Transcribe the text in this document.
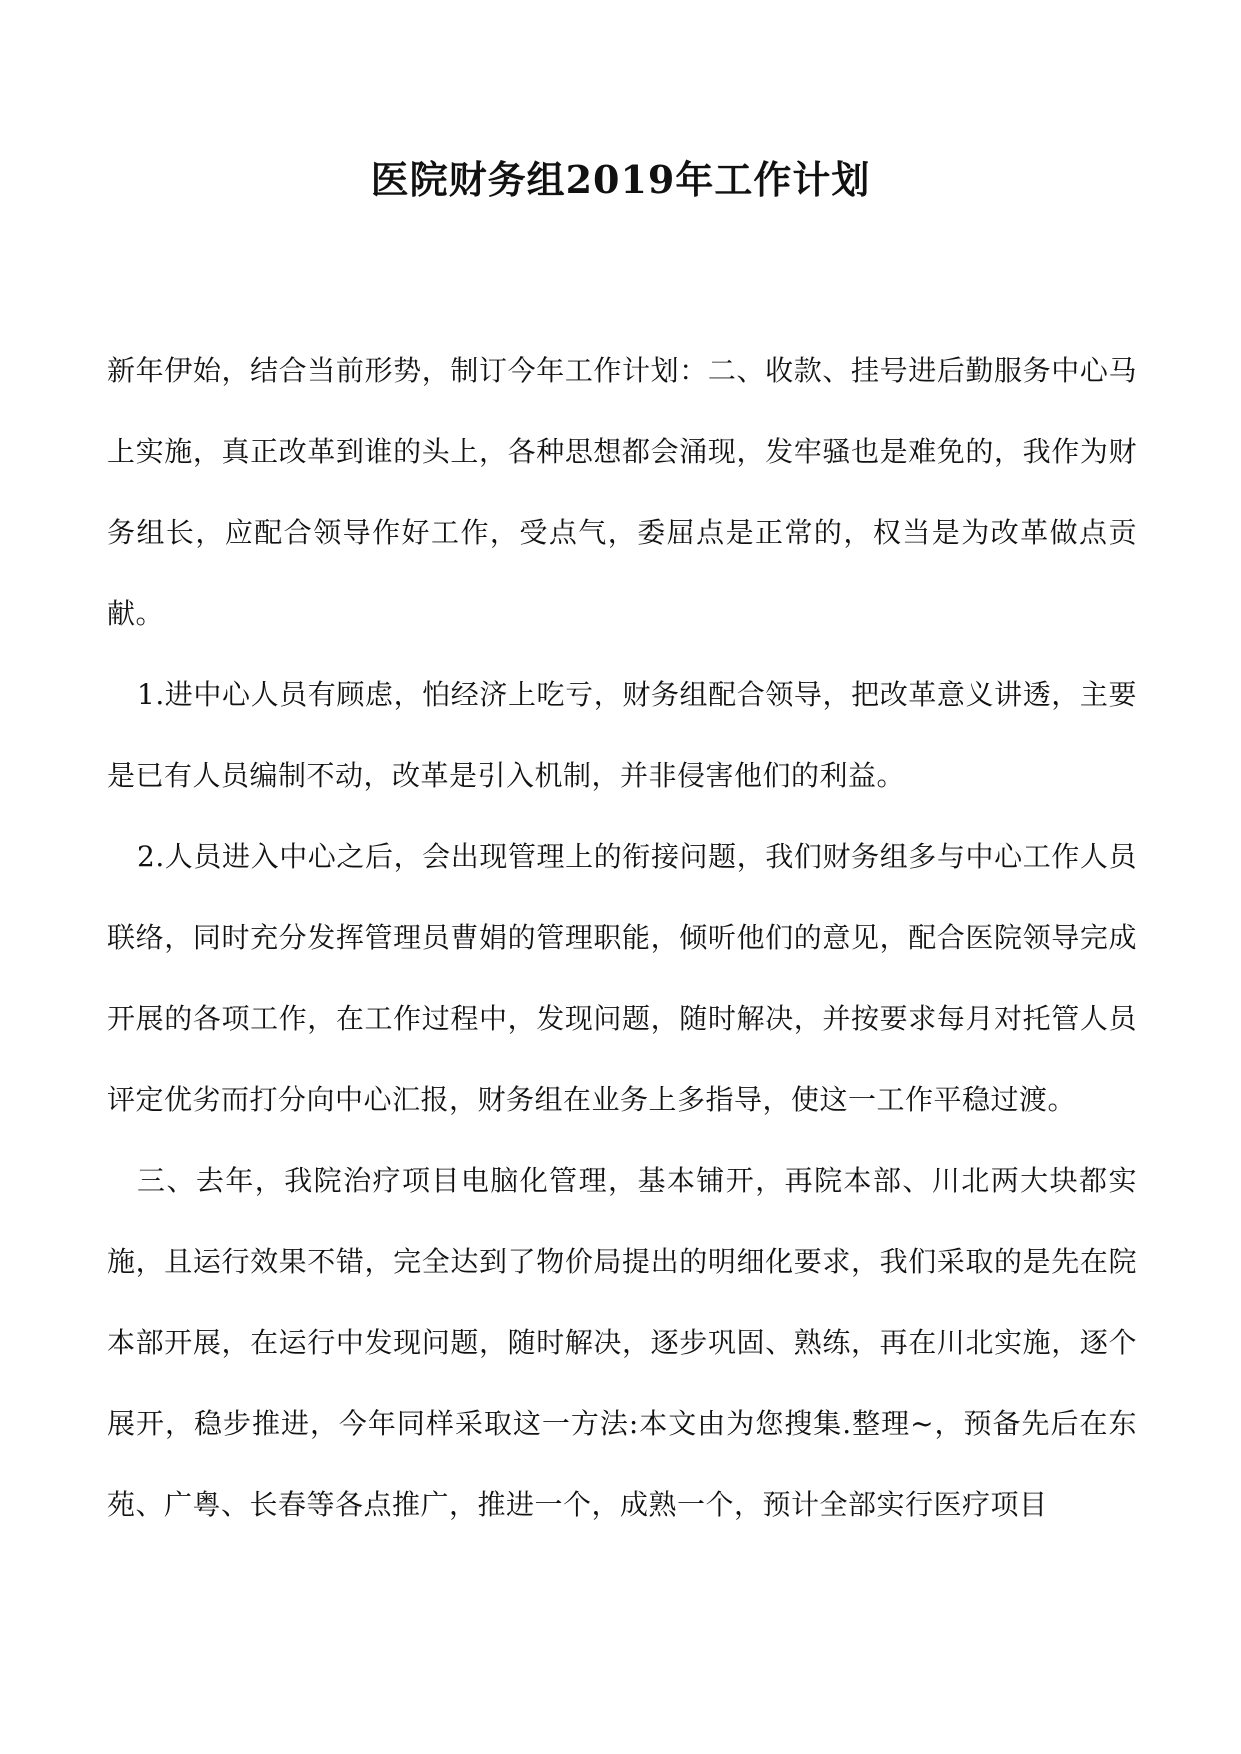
医院财务组2019年工作计划

新年伊始，结合当前形势，制订今年工作计划：二、收款、挂号进后勤服务中心马上实施，真正改革到谁的头上，各种思想都会涌现，发牢骚也是难免的，我作为财务组长，应配合领导作好工作，受点气，委屈点是正常的，权当是为改革做点贡献。

1.进中心人员有顾虑，怕经济上吃亏，财务组配合领导，把改革意义讲透，主要是已有人员编制不动，改革是引入机制，并非侵害他们的利益。

2.人员进入中心之后，会出现管理上的衔接问题，我们财务组多与中心工作人员联络，同时充分发挥管理员曹娟的管理职能，倾听他们的意见，配合医院领导完成开展的各项工作，在工作过程中，发现问题，随时解决，并按要求每月对托管人员评定优劣而打分向中心汇报，财务组在业务上多指导，使这一工作平稳过渡。

三、去年，我院治疗项目电脑化管理，基本铺开，再院本部、川北两大块都实施，且运行效果不错，完全达到了物价局提出的明细化要求，我们采取的是先在院本部开展，在运行中发现问题，随时解决，逐步巩固、熟练，再在川北实施，逐个展开，稳步推进，今年同样采取这一方法:本文由为您搜集.整理~，预备先后在东苑、广粤、长春等各点推广，推进一个，成熟一个，预计全部实行医疗项目
